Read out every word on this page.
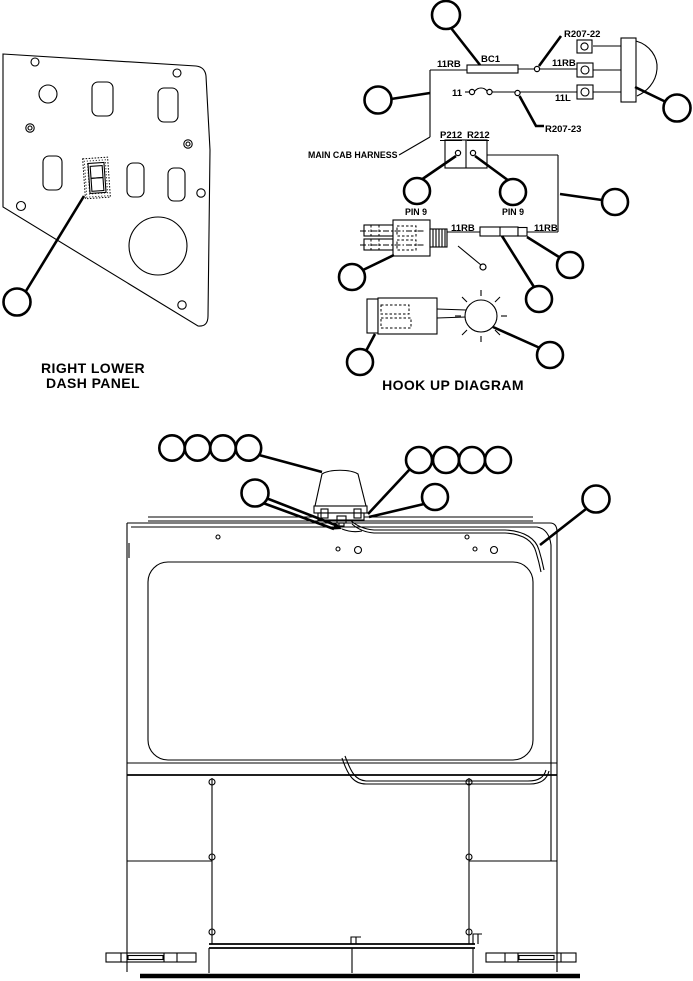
RIGHT LOWER
DASH PANEL
11RB BC1	11RB
R207-22
11	11L
R207-23
P212 R212
MAIN CAB HARNESS
PIN 9	PIN 9
11RB	11RB
HOOK UP DIAGRAM
